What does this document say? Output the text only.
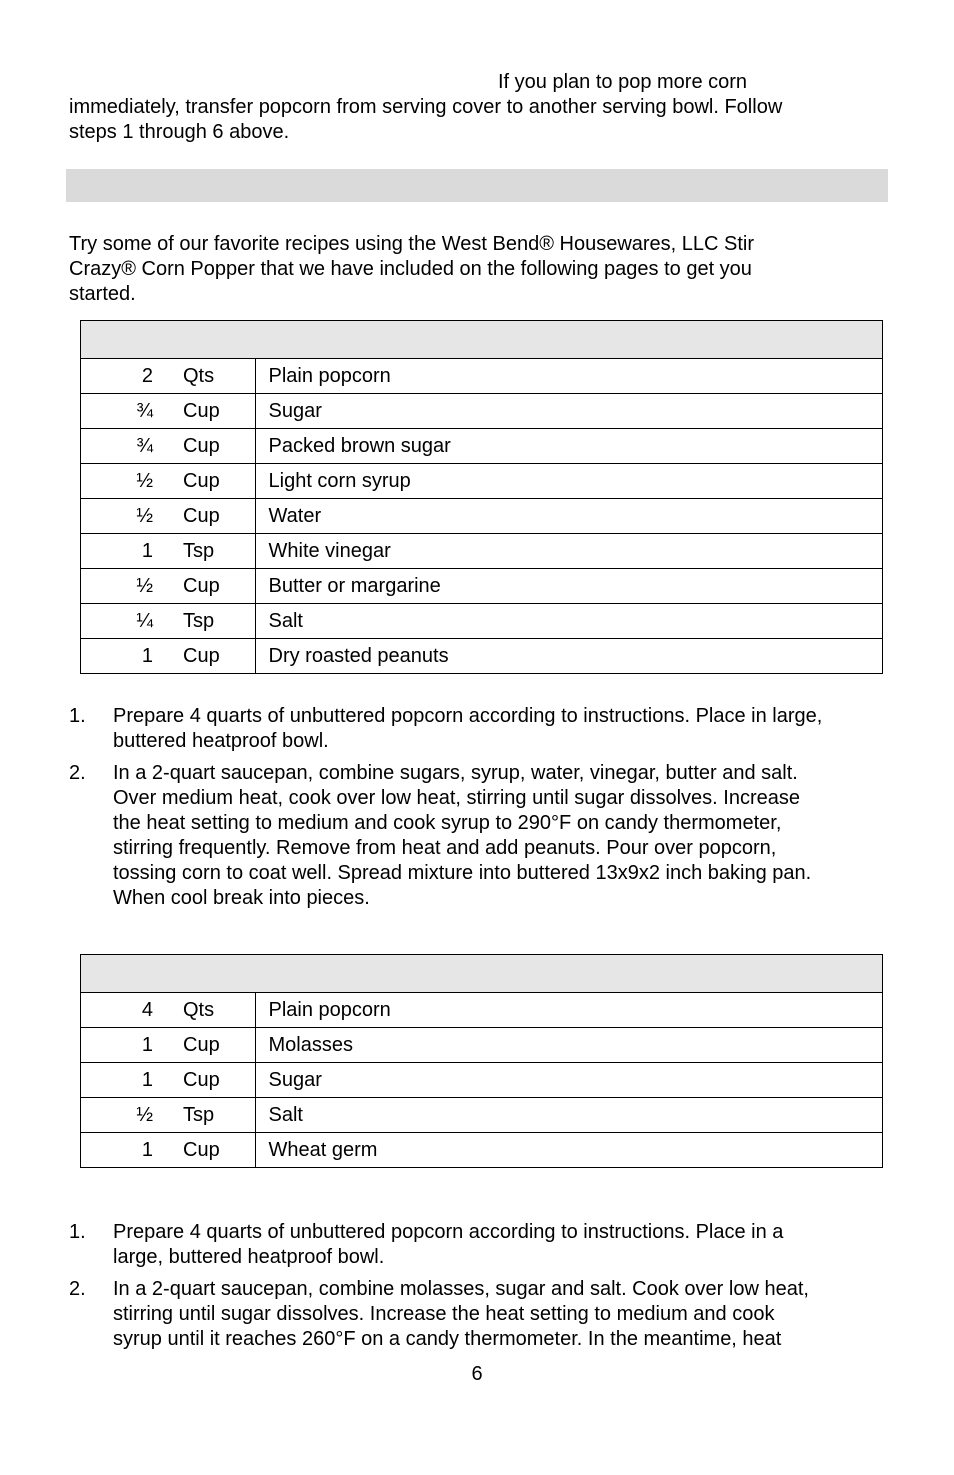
If you plan to pop more corn
immediately, transfer popcorn from serving cover to another serving bowl. Follow
steps 1 through 6 above.
Try some of our favorite recipes using the West Bend® Housewares, LLC Stir
Crazy® Corn Popper that we have included on the following pages to get you
started.

2	Qts	Plain popcorn
¾	Cup	Sugar
¾	Cup	Packed brown sugar
½	Cup	Light corn syrup
½	Cup	Water
1	Tsp	White vinegar
½	Cup	Butter or margarine
¼	Tsp	Salt
1	Cup	Dry roasted peanuts
1. Prepare 4 quarts of unbuttered popcorn according to instructions. Place in large,
buttered heatproof bowl.
2. In a 2-quart saucepan, combine sugars, syrup, water, vinegar, butter and salt.
Over medium heat, cook over low heat, stirring until sugar dissolves. Increase
the heat setting to medium and cook syrup to 290°F on candy thermometer,
stirring frequently. Remove from heat and add peanuts. Pour over popcorn,
tossing corn to coat well. Spread mixture into buttered 13x9x2 inch baking pan.
When cool break into pieces.

4	Qts	Plain popcorn
1	Cup	Molasses
1	Cup	Sugar
½	Tsp	Salt
1	Cup	Wheat germ
1. Prepare 4 quarts of unbuttered popcorn according to instructions. Place in a
large, buttered heatproof bowl.
2. In a 2-quart saucepan, combine molasses, sugar and salt. Cook over low heat,
stirring until sugar dissolves. Increase the heat setting to medium and cook
syrup until it reaches 260°F on a candy thermometer. In the meantime, heat
6
